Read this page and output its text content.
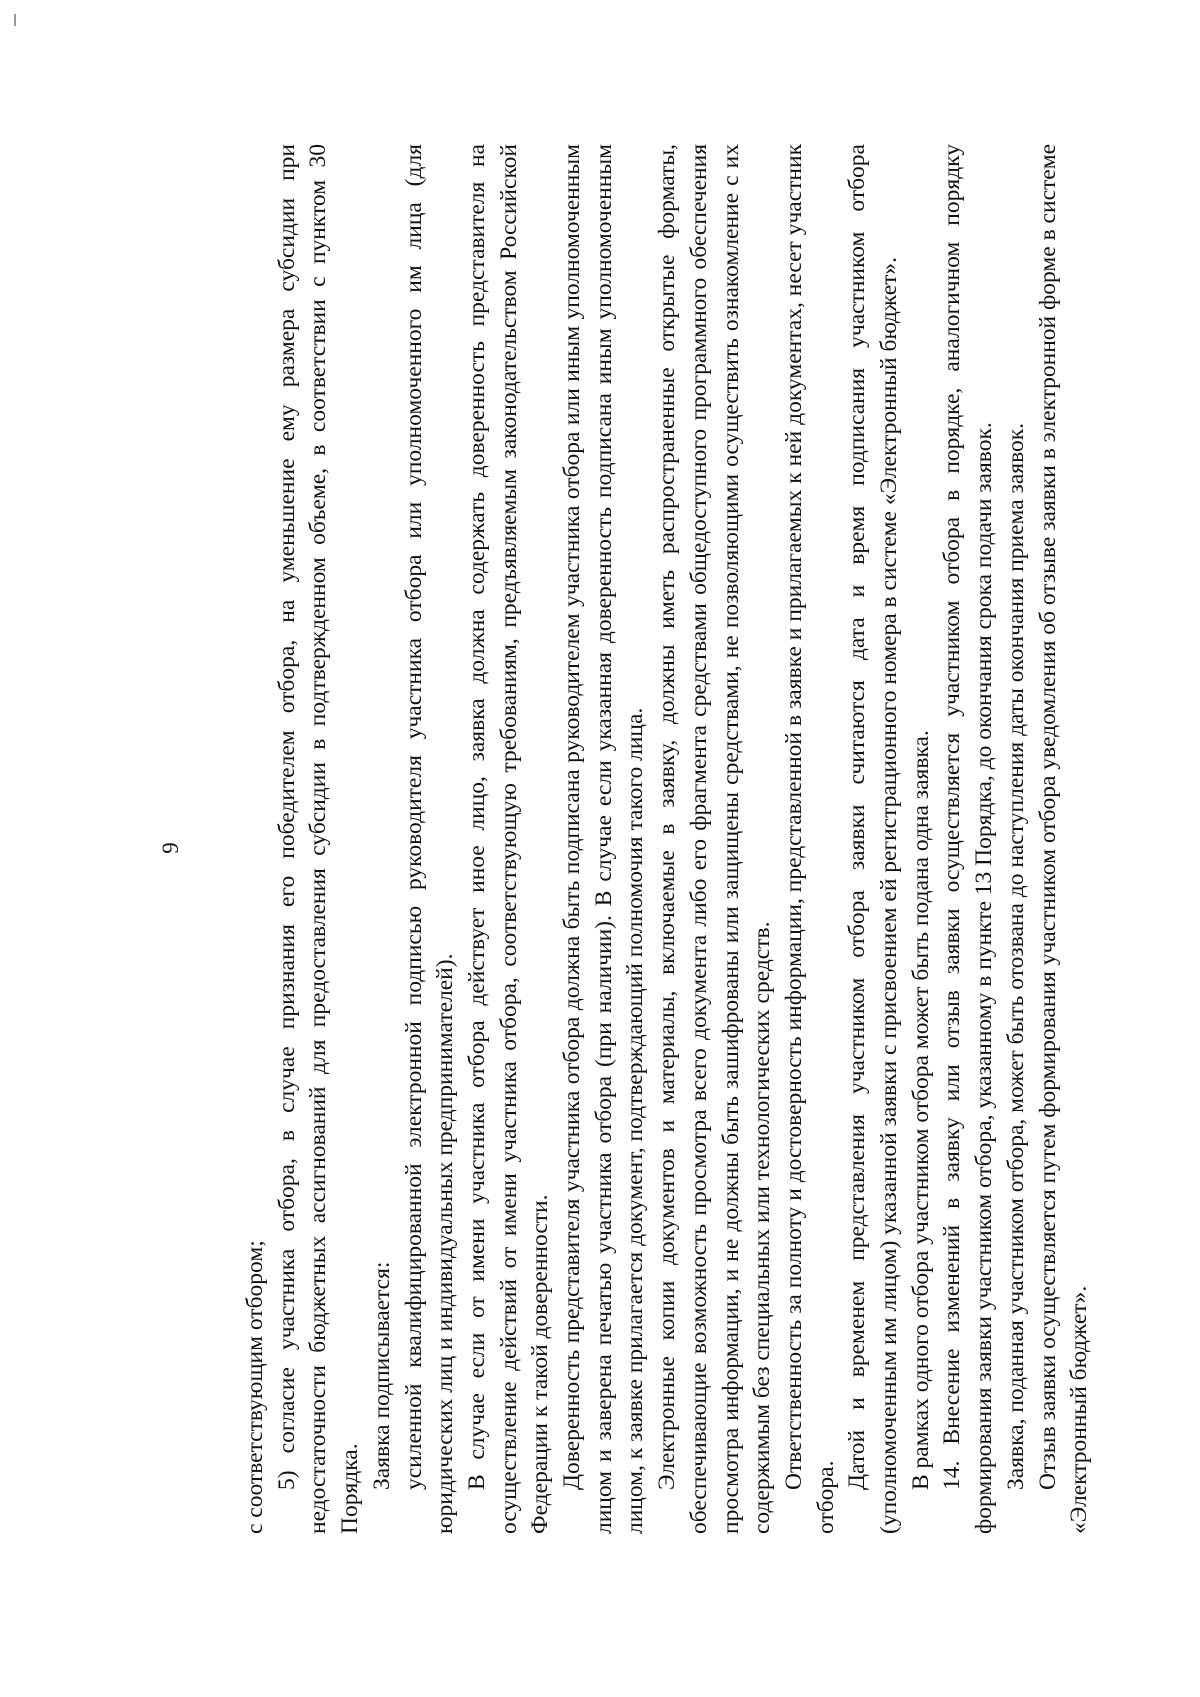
9

с соответствующим отбором; 5) согласие участника отбора, в случае признания его победителем отбора, на уменьшение ему размера субсидии при недостаточности бюджетных ассигнований для предоставления субсидии в подтвержденном объеме, в соответствии с пунктом 30 Порядка. Заявка подписывается: усиленной квалифицированной электронной подписью руководителя участника отбора или уполномоченного им лица (для юридических лиц и индивидуальных предпринимателей). В случае если от имени участника отбора действует иное лицо, заявка должна содержать доверенность представителя на осуществление действий от имени участника отбора, соответствующую требованиям, предъявляемым законодательством Российской Федерации к такой доверенности. Доверенность представителя участника отбора должна быть подписана руководителем участника отбора или иным уполномоченным лицом и заверена печатью участника отбора (при наличии). В случае если указанная доверенность подписана иным уполномоченным лицом, к заявке прилагается документ, подтверждающий полномочия такого лица. Электронные копии документов и материалы, включаемые в заявку, должны иметь распространенные открытые форматы, обеспечивающие возможность просмотра всего документа либо его фрагмента средствами общедоступного программного обеспечения просмотра информации, и не должны быть зашифрованы или защищены средствами, не позволяющими осуществить ознакомление с их содержимым без специальных или технологических средств. Ответственность за полноту и достоверность информации, представленной в заявке и прилагаемых к ней документах, несет участник отбора.

Датой и временем представления участником отбора заявки считаются дата и время подписания участником отбора (уполномоченным им лицом) указанной заявки с присвоением ей регистрационного номера в системе «Электронный бюджет». В рамках одного отбора участником отбора может быть подана одна заявка. 14. Внесение изменений в заявку или отзыв заявки осуществляется участником отбора в порядке, аналогичном порядку формирования заявки участником отбора, указанному в пункте 13 Порядка, до окончания срока подачи заявок. Заявка, поданная участником отбора, может быть отозвана до наступления даты окончания приема заявок. Отзыв заявки осуществляется путем формирования участником отбора уведомления об отзыве заявки в электронной форме в системе «Электронный бюджет».
